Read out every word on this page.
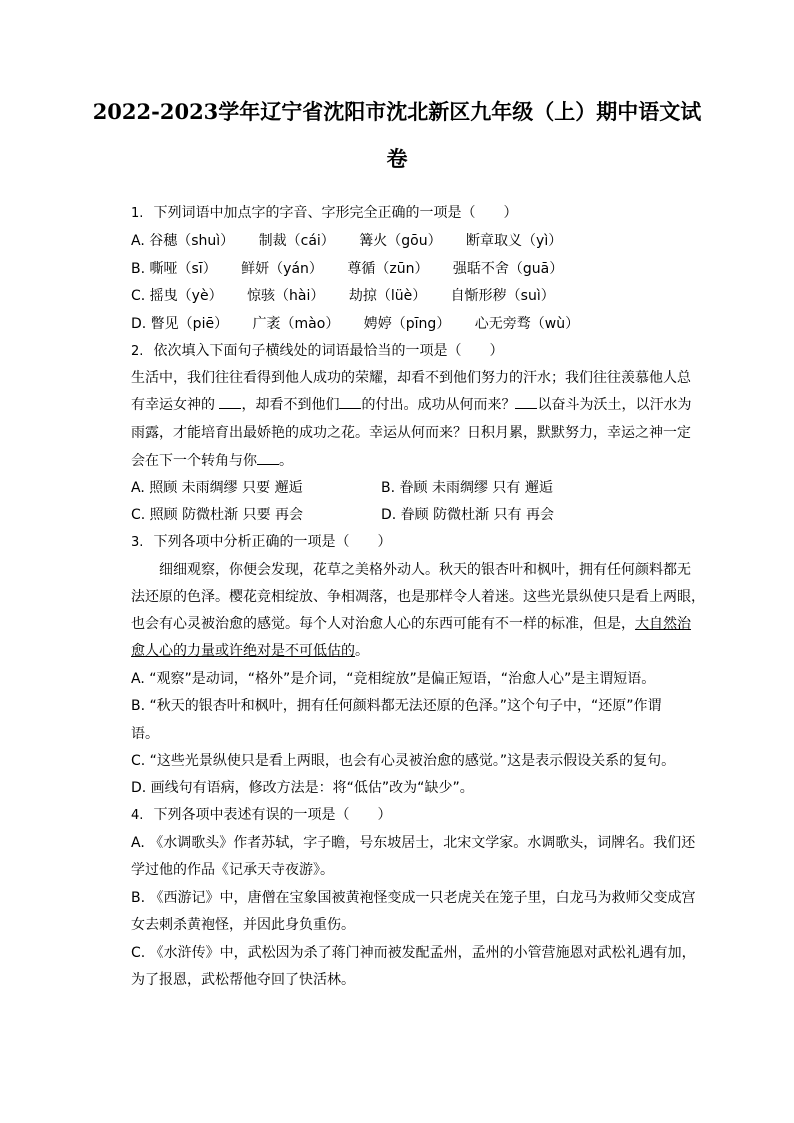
2022-2023学年辽宁省沈阳市沈北新区九年级（上）期中语文试
卷
1. 下列词语中加点字的字音、字形完全正确的一项是（　　）
A. 谷穗（shuì） 制裁（cái） 篝火（gōu） 断章取义（yì）
B. 嘶哑（sī） 鲜妍（yán） 尊循（zūn） 强聒不舍（guā）
C. 摇曳（yè） 惊骇（hài） 劫掠（lüè） 自惭形秽（suì）
D. 瞥见（piē） 广袤（mào） 娉婷（pīng） 心无旁骛（wù）
2. 依次填入下面句子横线处的词语最恰当的一项是（　　）
生活中，我们往往看得到他人成功的荣耀，却看不到他们努力的汗水；我们往往羡慕他人总
有幸运女神的 ，却看不到他们 的付出。成功从何而来？ 以奋斗为沃土，以汗水为
雨露，才能培育出最娇艳的成功之花。幸运从何而来？日积月累，默默努力，幸运之神一定
会在下一个转角与你 。
A. 照顾 未雨绸缪 只要 邂逅	B. 眷顾 未雨绸缪 只有 邂逅
C. 照顾 防微杜渐 只要 再会	D. 眷顾 防微杜渐 只有 再会
3. 下列各项中分析正确的一项是（　　）
细细观察，你便会发现，花草之美格外动人。秋天的银杏叶和枫叶，拥有任何颜料都无
法还原的色泽。樱花竞相绽放、争相凋落，也是那样令人着迷。这些光景纵使只是看上两眼，
也会有心灵被治愈的感觉。每个人对治愈人心的东西可能有不一样的标准，但是，大自然治
愈人心的力量或许绝对是不可低估的。
A. “观察”是动词，“格外”是介词，“竞相绽放”是偏正短语，“治愈人心”是主谓短语。
B. “秋天的银杏叶和枫叶，拥有任何颜料都无法还原的色泽。”这个句子中，“还原”作谓
语。
C. “这些光景纵使只是看上两眼，也会有心灵被治愈的感觉。”这是表示假设关系的复句。
D. 画线句有语病，修改方法是：将“低估”改为“缺少”。
4. 下列各项中表述有误的一项是（　　）
A. 《水调歌头》作者苏轼，字子瞻，号东坡居士，北宋文学家。水调歌头，词牌名。我们还
学过他的作品《记承天寺夜游》。
B. 《西游记》中，唐僧在宝象国被黄袍怪变成一只老虎关在笼子里，白龙马为救师父变成宫
女去刺杀黄袍怪，并因此身负重伤。
C. 《水浒传》中，武松因为杀了蒋门神而被发配孟州，孟州的小管营施恩对武松礼遇有加，
为了报恩，武松帮他夺回了快活林。
